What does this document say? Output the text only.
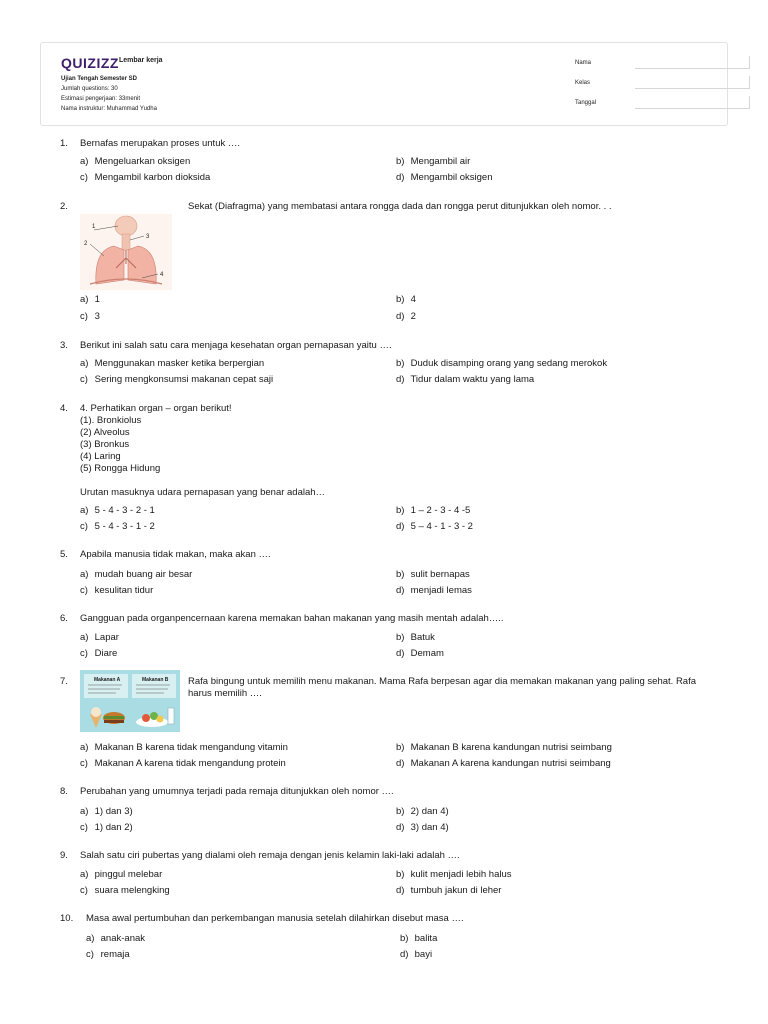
QUIZIZZ Lembar kerja
Ujian Tengah Semester SD
Jumlah questions: 30
Estimasi pengerjaan: 33menit
Nama instruktur: Muhammad Yudha
Nama
Kelas
Tanggal
1. Bernafas merupakan proses untuk ….
a) Mengeluarkan oksigen	b) Mengambil air
c) Mengambil karbon dioksida	d) Mengambil oksigen
2.	Sekat (Diafragma) yang membatasi antara rongga dada dan rongga perut ditunjukkan oleh nomor. . .
1
2
3
4
a) 1	b) 4
c) 3	d) 2
3. Berikut ini salah satu cara menjaga kesehatan organ pernapasan yaitu ….
a) Menggunakan masker ketika berpergian	b) Duduk disamping orang yang sedang merokok
c) Sering mengkonsumsi makanan cepat saji	d) Tidur dalam waktu yang lama
4. 4. Perhatikan organ – organ berikut!
(1). Bronkiolus
(2) Alveolus
(3) Bronkus
(4) Laring
(5) Rongga Hidung
Urutan masuknya udara pernapasan yang benar adalah…
a) 5 - 4 - 3 - 2 - 1	b) 1 – 2 - 3 - 4 -5
c) 5 - 4 - 3 - 1 - 2	d) 5 – 4 - 1 - 3 - 2
5. Apabila manusia tidak makan, maka akan ….
a) mudah buang air besar	b) sulit bernapas
c) kesulitan tidur	d) menjadi lemas
6. Gangguan pada organpencernaan karena memakan bahan makanan yang masih mentah adalah…..
a) Lapar	b) Batuk
c) Diare	d) Demam
7.	Rafa bingung untuk memilih menu makanan. Mama Rafa berpesan agar dia memakan makanan yang paling sehat. Rafa harus memilih ….
Makanan A	Makanan B
a) Makanan B karena tidak mengandung vitamin	b) Makanan B karena kandungan nutrisi seimbang
c) Makanan A karena tidak mengandung protein	d) Makanan A karena kandungan nutrisi seimbang
8. Perubahan yang umumnya terjadi pada remaja ditunjukkan oleh nomor ….
a) 1) dan 3)	b) 2) dan 4)
c) 1) dan 2)	d) 3) dan 4)
9. Salah satu ciri pubertas yang dialami oleh remaja dengan jenis kelamin laki-laki adalah ….
a) pinggul melebar	b) kulit menjadi lebih halus
c) suara melengking	d) tumbuh jakun di leher
10. Masa awal pertumbuhan dan perkembangan manusia setelah dilahirkan disebut masa ….
a) anak-anak	b) balita
c) remaja	d) bayi
